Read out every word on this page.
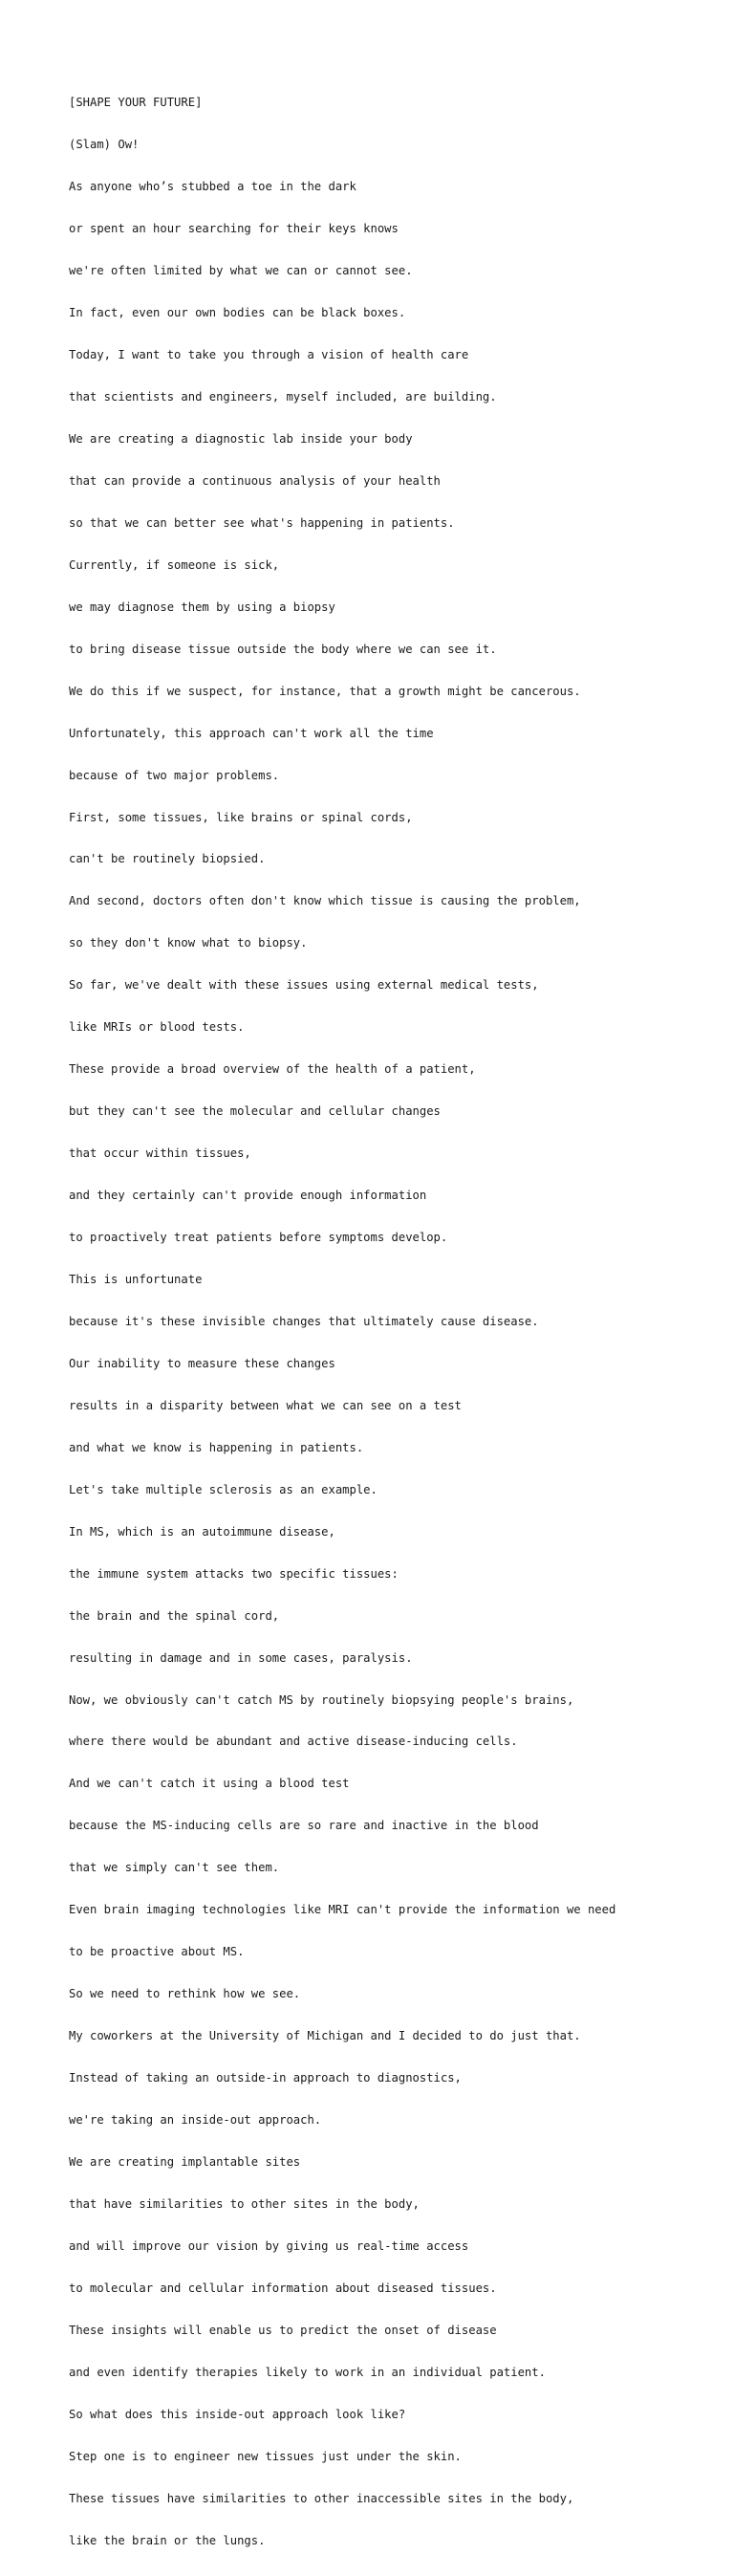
[SHAPE YOUR FUTURE]

(Slam) Ow!

As anyone who’s stubbed a toe in the dark

or spent an hour searching for their keys knows

we're often limited by what we can or cannot see.

In fact, even our own bodies can be black boxes.

Today, I want to take you through a vision of health care

that scientists and engineers, myself included, are building.

We are creating a diagnostic lab inside your body

that can provide a continuous analysis of your health

so that we can better see what's happening in patients.

Currently, if someone is sick,

we may diagnose them by using a biopsy

to bring disease tissue outside the body where we can see it.

We do this if we suspect, for instance, that a growth might be cancerous.

Unfortunately, this approach can't work all the time

because of two major problems.

First, some tissues, like brains or spinal cords,

can't be routinely biopsied.

And second, doctors often don't know which tissue is causing the problem,

so they don't know what to biopsy.

So far, we've dealt with these issues using external medical tests,

like MRIs or blood tests.

These provide a broad overview of the health of a patient,

but they can't see the molecular and cellular changes

that occur within tissues,

and they certainly can't provide enough information

to proactively treat patients before symptoms develop.

This is unfortunate

because it's these invisible changes that ultimately cause disease.

Our inability to measure these changes

results in a disparity between what we can see on a test

and what we know is happening in patients.

Let's take multiple sclerosis as an example.

In MS, which is an autoimmune disease,

the immune system attacks two specific tissues:

the brain and the spinal cord,

resulting in damage and in some cases, paralysis.

Now, we obviously can't catch MS by routinely biopsying people's brains,

where there would be abundant and active disease-inducing cells.

And we can't catch it using a blood test

because the MS-inducing cells are so rare and inactive in the blood

that we simply can't see them.

Even brain imaging technologies like MRI can't provide the information we need

to be proactive about MS.

So we need to rethink how we see.

My coworkers at the University of Michigan and I decided to do just that.

Instead of taking an outside-in approach to diagnostics,

we're taking an inside-out approach.

We are creating implantable sites

that have similarities to other sites in the body,

and will improve our vision by giving us real-time access

to molecular and cellular information about diseased tissues.

These insights will enable us to predict the onset of disease

and even identify therapies likely to work in an individual patient.

So what does this inside-out approach look like?

Step one is to engineer new tissues just under the skin.

These tissues have similarities to other inaccessible sites in the body,

like the brain or the lungs.
